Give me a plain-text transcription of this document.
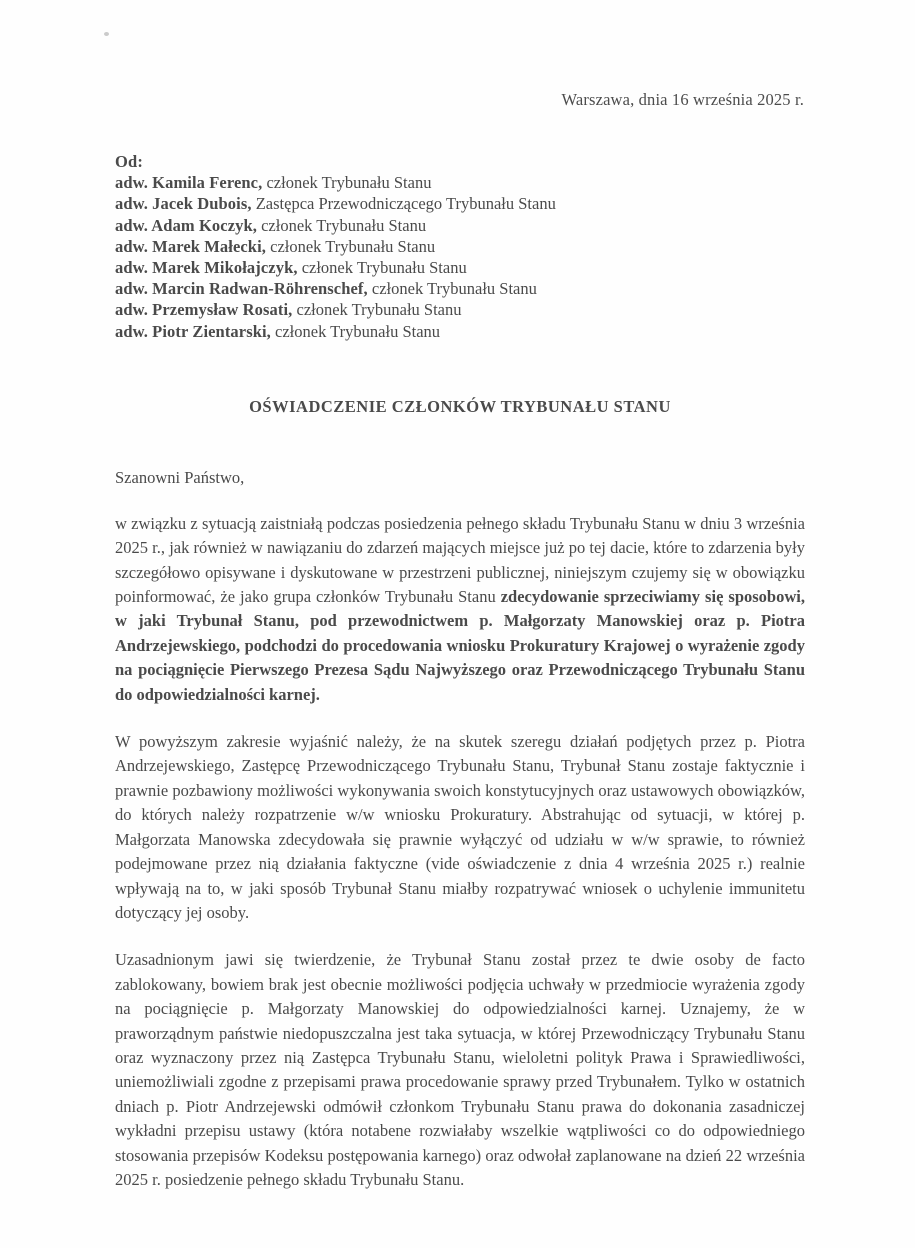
Warszawa, dnia 16 września 2025 r.
Od:
adw. Kamila Ferenc, członek Trybunału Stanu
adw. Jacek Dubois, Zastępca Przewodniczącego Trybunału Stanu
adw. Adam Koczyk, członek Trybunału Stanu
adw. Marek Małecki, członek Trybunału Stanu
adw. Marek Mikołajczyk, członek Trybunału Stanu
adw. Marcin Radwan-Röhrenschef, członek Trybunału Stanu
adw. Przemysław Rosati, członek Trybunału Stanu
adw. Piotr Zientarski, członek Trybunału Stanu
OŚWIADCZENIE CZŁONKÓW TRYBUNAŁU STANU
Szanowni Państwo,

w związku z sytuacją zaistniałą podczas posiedzenia pełnego składu Trybunału Stanu w dniu 3 września 2025 r., jak również w nawiązaniu do zdarzeń mających miejsce już po tej dacie, które to zdarzenia były szczegółowo opisywane i dyskutowane w przestrzeni publicznej, niniejszym czujemy się w obowiązku poinformować, że jako grupa członków Trybunału Stanu zdecydowanie sprzeciwiamy się sposobowi, w jaki Trybunał Stanu, pod przewodnictwem p. Małgorzaty Manowskiej oraz p. Piotra Andrzejewskiego, podchodzi do procedowania wniosku Prokuratury Krajowej o wyrażenie zgody na pociągnięcie Pierwszego Prezesa Sądu Najwyższego oraz Przewodniczącego Trybunału Stanu do odpowiedzialności karnej.

W powyższym zakresie wyjaśnić należy, że na skutek szeregu działań podjętych przez p. Piotra Andrzejewskiego, Zastępcę Przewodniczącego Trybunału Stanu, Trybunał Stanu zostaje faktycznie i prawnie pozbawiony możliwości wykonywania swoich konstytucyjnych oraz ustawowych obowiązków, do których należy rozpatrzenie w/w wniosku Prokuratury. Abstrahując od sytuacji, w której p. Małgorzata Manowska zdecydowała się prawnie wyłączyć od udziału w w/w sprawie, to również podejmowane przez nią działania faktyczne (vide oświadczenie z dnia 4 września 2025 r.) realnie wpływają na to, w jaki sposób Trybunał Stanu miałby rozpatrywać wniosek o uchylenie immunitetu dotyczący jej osoby.

Uzasadnionym jawi się twierdzenie, że Trybunał Stanu został przez te dwie osoby de facto zablokowany, bowiem brak jest obecnie możliwości podjęcia uchwały w przedmiocie wyrażenia zgody na pociągnięcie p. Małgorzaty Manowskiej do odpowiedzialności karnej. Uznajemy, że w praworządnym państwie niedopuszczalna jest taka sytuacja, w której Przewodniczący Trybunału Stanu oraz wyznaczony przez nią Zastępca Trybunału Stanu, wieloletni polityk Prawa i Sprawiedliwości, uniemożliwiali zgodne z przepisami prawa procedowanie sprawy przed Trybunałem. Tylko w ostatnich dniach p. Piotr Andrzejewski odmówił członkom Trybunału Stanu prawa do dokonania zasadniczej wykładni przepisu ustawy (która notabene rozwiałaby wszelkie wątpliwości co do odpowiedniego stosowania przepisów Kodeksu postępowania karnego) oraz odwołał zaplanowane na dzień 22 września 2025 r. posiedzenie pełnego składu Trybunału Stanu.
